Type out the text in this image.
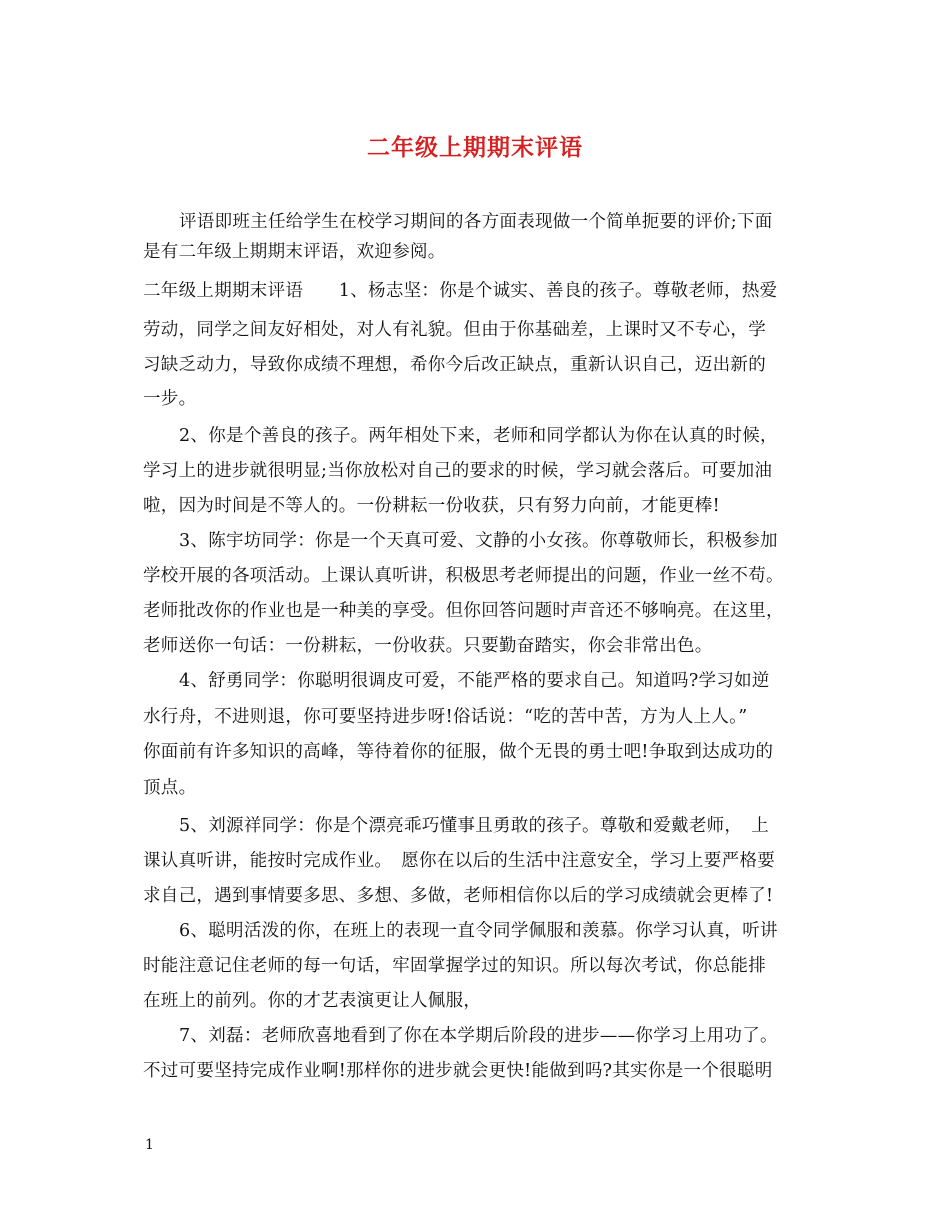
二年级上期期末评语
评语即班主任给学生在校学习期间的各方面表现做一个简单扼要的评价;下面
是有二年级上期期末评语，欢迎参阅。
二年级上期期末评语　　1、杨志坚：你是个诚实、善良的孩子。尊敬老师，热爱
劳动，同学之间友好相处，对人有礼貌。但由于你基础差，上课时又不专心，学
习缺乏动力，导致你成绩不理想，希你今后改正缺点，重新认识自己，迈出新的
一步。
2、你是个善良的孩子。两年相处下来，老师和同学都认为你在认真的时候，
学习上的进步就很明显;当你放松对自己的要求的时候，学习就会落后。可要加油
啦，因为时间是不等人的。一份耕耘一份收获，只有努力向前，才能更棒!
3、陈宇坊同学：你是一个天真可爱、文静的小女孩。你尊敬师长，积极参加
学校开展的各项活动。上课认真听讲，积极思考老师提出的问题，作业一丝不苟。
老师批改你的作业也是一种美的享受。但你回答问题时声音还不够响亮。在这里，
老师送你一句话：一份耕耘，一份收获。只要勤奋踏实，你会非常出色。
4、舒勇同学：你聪明很调皮可爱，不能严格的要求自己。知道吗?学习如逆
水行舟，不进则退，你可要坚持进步呀!俗话说：“吃的苦中苦，方为人上人。”
你面前有许多知识的高峰，等待着你的征服，做个无畏的勇士吧!争取到达成功的
顶点。
5、刘源祥同学：你是个漂亮乖巧懂事且勇敢的孩子。尊敬和爱戴老师，　上
课认真听讲，能按时完成作业。　愿你在以后的生活中注意安全，学习上要严格要
求自己，遇到事情要多思、多想、多做，老师相信你以后的学习成绩就会更棒了!
6、聪明活泼的你，在班上的表现一直令同学佩服和羡慕。你学习认真，听讲
时能注意记住老师的每一句话，牢固掌握学过的知识。所以每次考试，你总能排
在班上的前列。你的才艺表演更让人佩服，
7、刘磊：老师欣喜地看到了你在本学期后阶段的进步——你学习上用功了。
不过可要坚持完成作业啊!那样你的进步就会更快!能做到吗?其实你是一个很聪明
1
